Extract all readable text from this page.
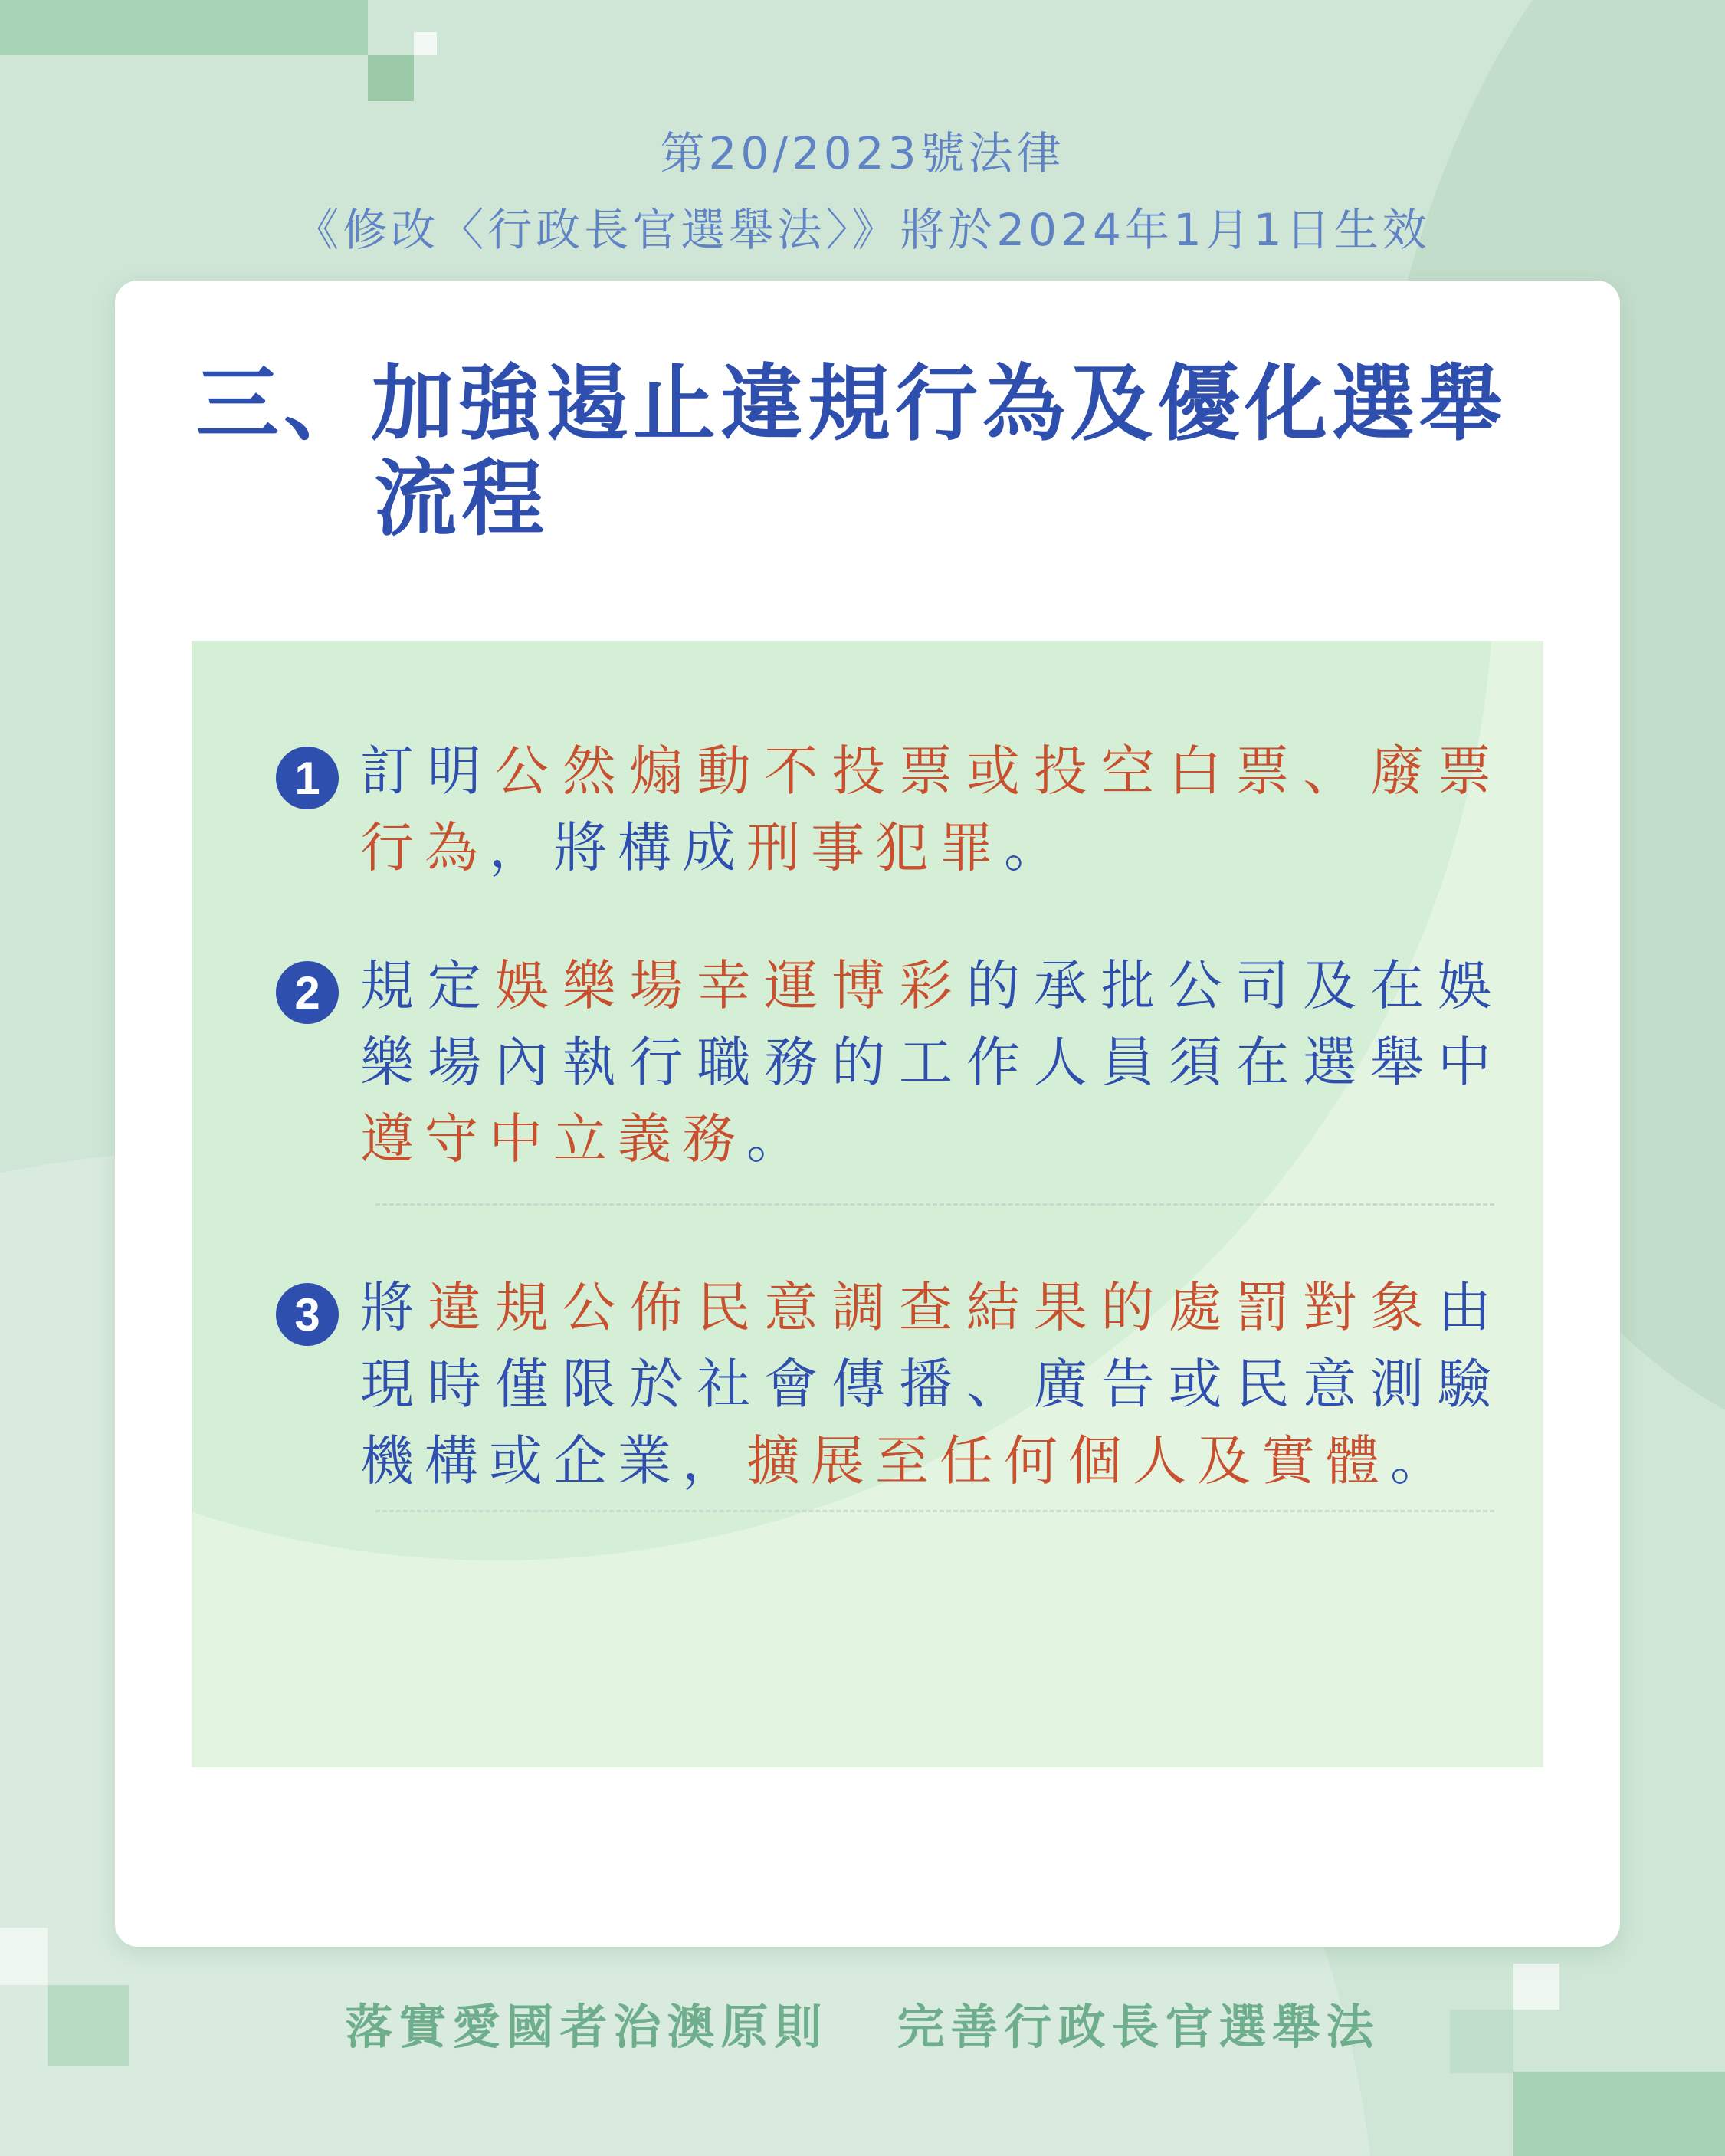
第20/2023號法律
《修改〈行政長官選舉法〉》將於2024年1月1日生效
三、加強遏止違規行為及優化選舉
流程
1 訂明公然煽動不投票或投空白票、廢票行為，將構成刑事犯罪。
2 規定娛樂場幸運博彩的承批公司及在娛樂場內執行職務的工作人員須在選舉中遵守中立義務。
3 將違規公佈民意調查結果的處罰對象由現時僅限於社會傳播、廣告或民意測驗機構或企業，擴展至任何個人及實體。
落實愛國者治澳原則 完善行政長官選舉法
